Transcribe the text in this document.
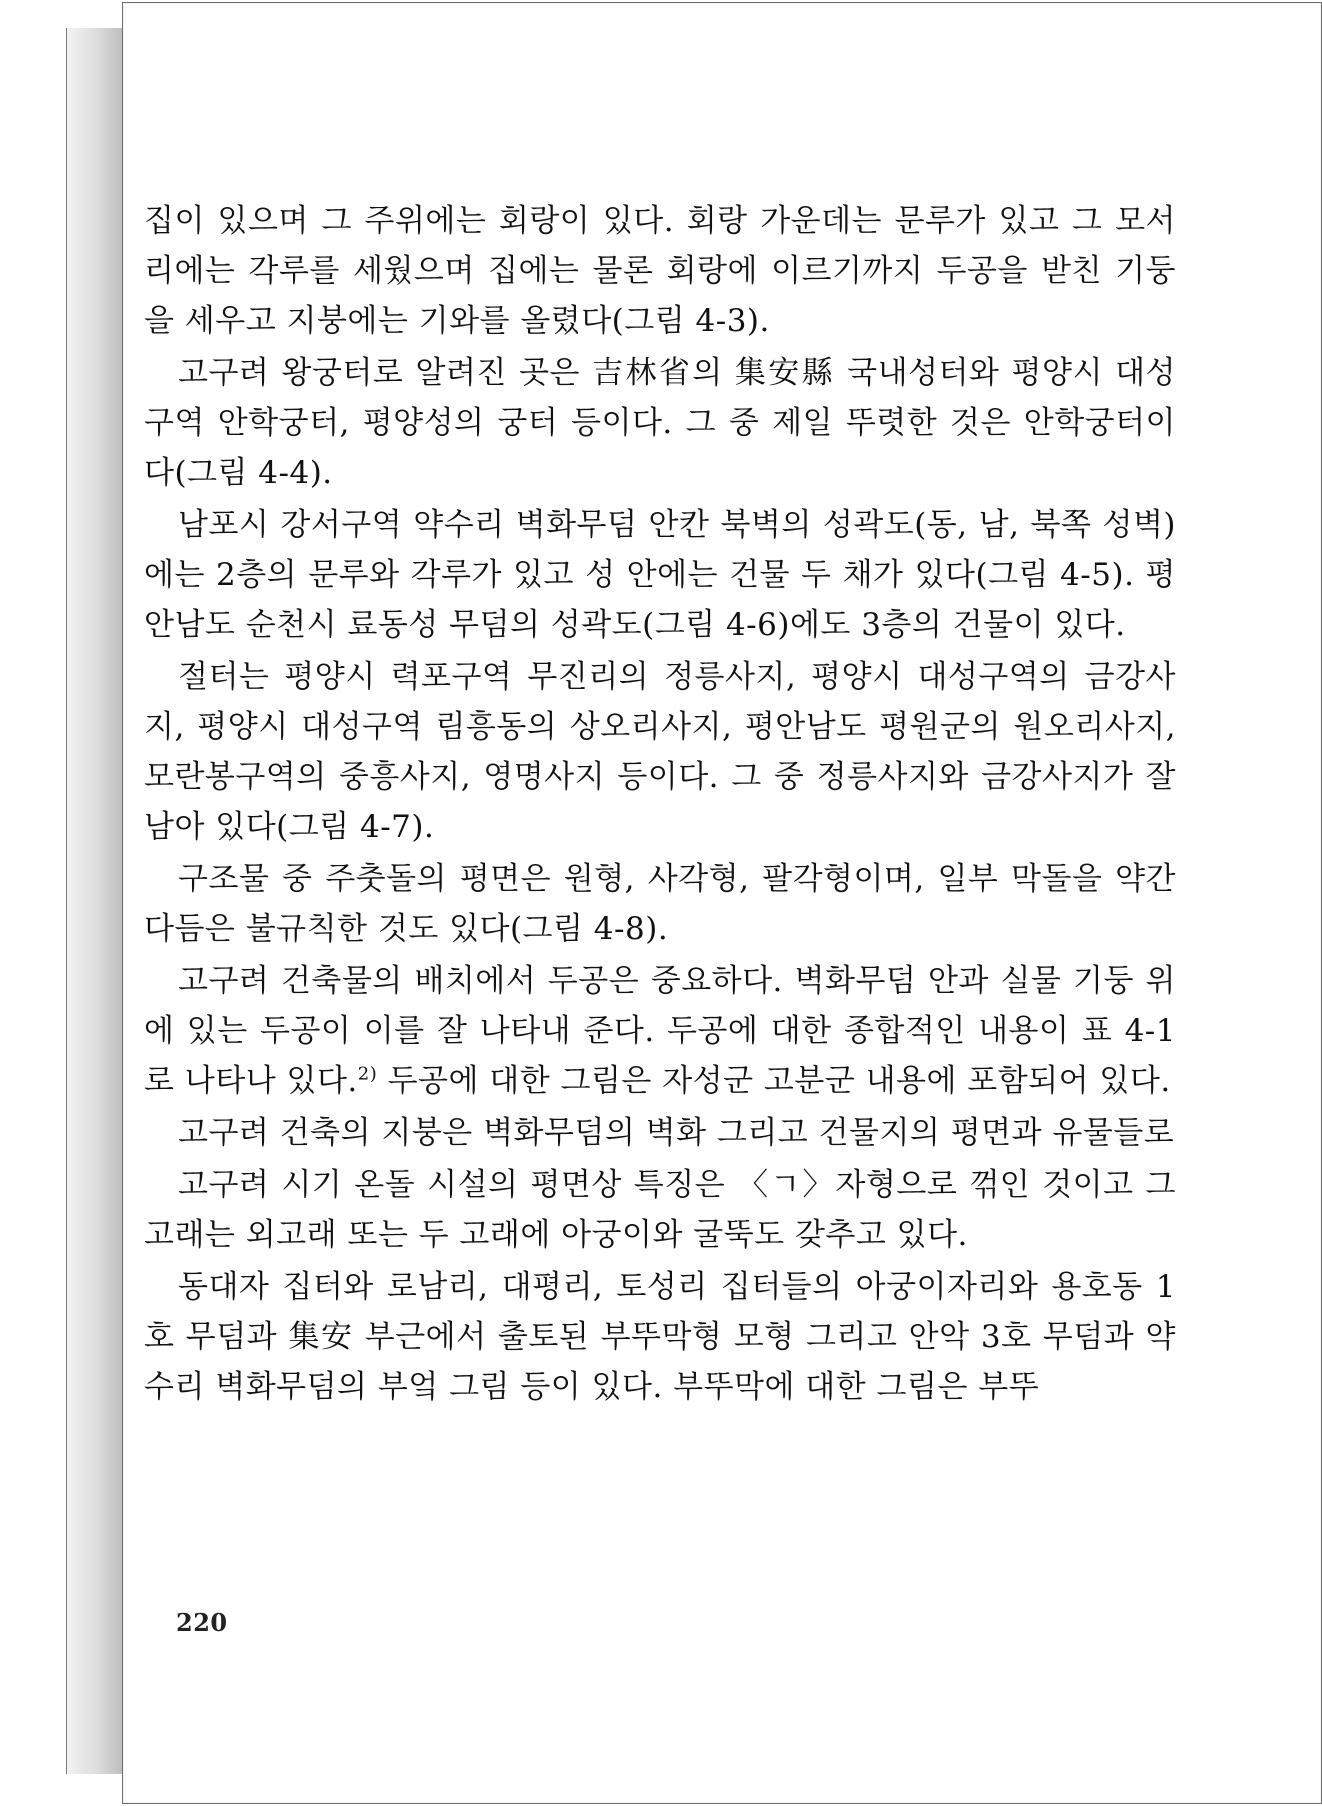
집이 있으며 그 주위에는 회랑이 있다. 회랑 가운데는 문루가 있고 그 모서리에는 각루를 세웠으며 집에는 물론 회랑에 이르기까지 두공을 받친 기둥을 세우고 지붕에는 기와를 올렸다(그림 4-3).

고구려 왕궁터로 알려진 곳은 吉林省의 集安縣 국내성터와 평양시 대성구역 안학궁터, 평양성의 궁터 등이다. 그 중 제일 뚜렷한 것은 안학궁터이다(그림 4-4).

남포시 강서구역 약수리 벽화무덤 안칸 북벽의 성곽도(동, 남, 북쪽 성벽)에는 2층의 문루와 각루가 있고 성 안에는 건물 두 채가 있다(그림 4-5). 평안남도 순천시 료동성 무덤의 성곽도(그림 4-6)에도 3층의 건물이 있다.

절터는 평양시 력포구역 무진리의 정릉사지, 평양시 대성구역의 금강사지, 평양시 대성구역 림흥동의 상오리사지, 평안남도 평원군의 원오리사지, 모란봉구역의 중흥사지, 영명사지 등이다. 그 중 정릉사지와 금강사지가 잘 남아 있다(그림 4-7).

구조물 중 주춧돌의 평면은 원형, 사각형, 팔각형이며, 일부 막돌을 약간 다듬은 불규칙한 것도 있다(그림 4-8).

고구려 건축물의 배치에서 두공은 중요하다. 벽화무덤 안과 실물 기둥 위에 있는 두공이 이를 잘 나타내 준다. 두공에 대한 종합적인 내용이 표 4-1로 나타나 있다.$^{2)}$ 두공에 대한 그림은 자성군 고분군 내용에 포함되어 있다.

고구려 건축의 지붕은 벽화무덤의 벽화 그리고 건물지의 평면과 유물들로

고구려 시기 온돌 시설의 평면상 특징은 〈ㄱ〉자형으로 꺾인 것이고 그 고래는 외고래 또는 두 고래에 아궁이와 굴뚝도 갖추고 있다.

동대자 집터와 로남리, 대평리, 토성리 집터들의 아궁이자리와 용호동 1호 무덤과 集安 부근에서 출토된 부뚜막형 모형 그리고 안악 3호 무덤과 약수리 벽화무덤의 부엌 그림 등이 있다. 부뚜막에 대한 그림은 부뚜

220
